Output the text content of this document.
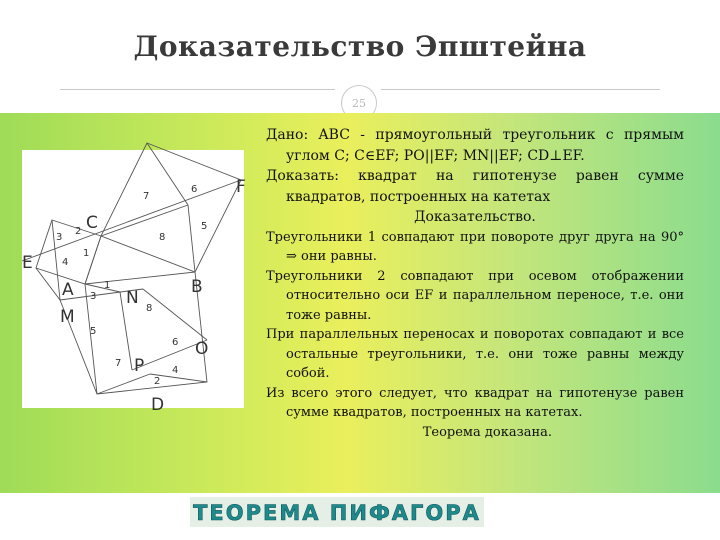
Доказательство Эпштейна
25
C
F
E
A
M
N
B
O
P
D
7
6
3
2
8
5
4
1
1
3
8
5
6
7
4
2

Дано: ABC - прямоугольный треугольник с прямым углом С; С∈EF; PO||EF; MN||EF; CD⊥EF.

Доказать: квадрат на гипотенузе равен сумме квадратов, построенных на катетах

Доказательство.

Треугольники 1 совпадают при повороте друг друга на 90° ⇒ они равны.

Треугольники 2 совпадают при осевом отображении относительно оси EF и параллельном переносе, т.е. они тоже равны.

При параллельных переносах и поворотах совпадают и все остальные треугольники, т.е. они тоже равны между собой.

Из всего этого следует, что квадрат на гипотенузе равен сумме квадратов, построенных на катетах.

Теорема доказана.

ТЕОРЕМА ПИФАГОРА
